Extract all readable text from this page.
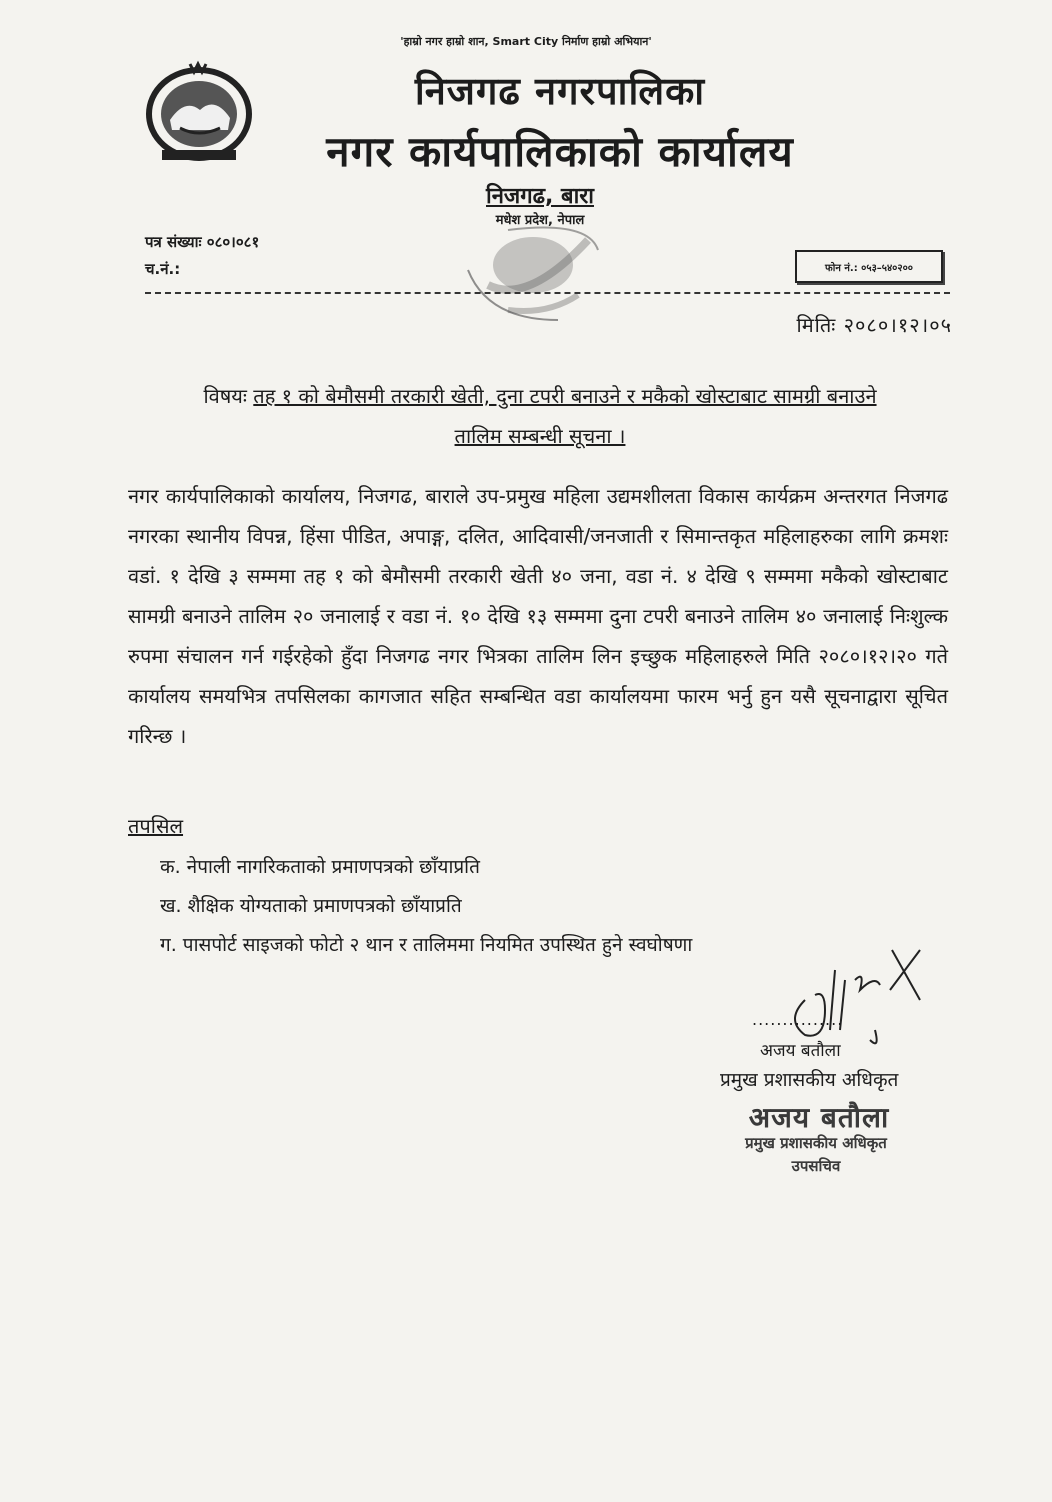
'हाम्रो नगर हाम्रो शान, Smart City निर्माण हाम्रो अभियान'
निजगढ नगरपालिका
नगर कार्यपालिकाको कार्यालय
निजगढ, बारा
मधेश प्रदेश, नेपाल
पत्र संख्याः ०८०।०८१
च.नं.:	फोन नं.: ०५३–५४०२००
मितिः २०८०।१२।०५
विषयः तह १ को बेमौसमी तरकारी खेती, दुना टपरी बनाउने र मकैको खोस्टाबाट सामग्री बनाउने
तालिम सम्बन्धी सूचना ।
नगर कार्यपालिकाको कार्यालय, निजगढ, बाराले उप-प्रमुख महिला उद्यमशीलता विकास कार्यक्रम अन्तरगत निजगढ नगरका स्थानीय विपन्न, हिंसा पीडित, अपाङ्ग, दलित, आदिवासी/जनजाती र सिमान्तकृत महिलाहरुका लागि क्रमशः वडां. १ देखि ३ सम्ममा तह १ को बेमौसमी तरकारी खेती ४० जना, वडा नं. ४ देखि ९ सम्ममा मकैको खोस्टाबाट सामग्री बनाउने तालिम २० जनालाई र वडा नं. १० देखि १३ सम्ममा दुना टपरी बनाउने तालिम ४० जनालाई निःशुल्क रुपमा संचालन गर्न गईरहेको हुँदा निजगढ नगर भित्रका तालिम लिन इच्छुक महिलाहरुले मिति २०८०।१२।२० गते कार्यालय समयभित्र तपसिलका कागजात सहित सम्बन्धित वडा कार्यालयमा फारम भर्नु हुन यसै सूचनाद्वारा सूचित गरिन्छ ।
तपसिल
क. नेपाली नागरिकताको प्रमाणपत्रको छाँयाप्रति
ख. शैक्षिक योग्यताको प्रमाणपत्रको छाँयाप्रति
ग. पासपोर्ट साइजको फोटो २ थान र तालिममा नियमित उपस्थित हुने स्वघोषणा
...............
अजय बतौला
प्रमुख प्रशासकीय अधिकृत
अजय बतौला
प्रमुख प्रशासकीय अधिकृत
उपसचिव
